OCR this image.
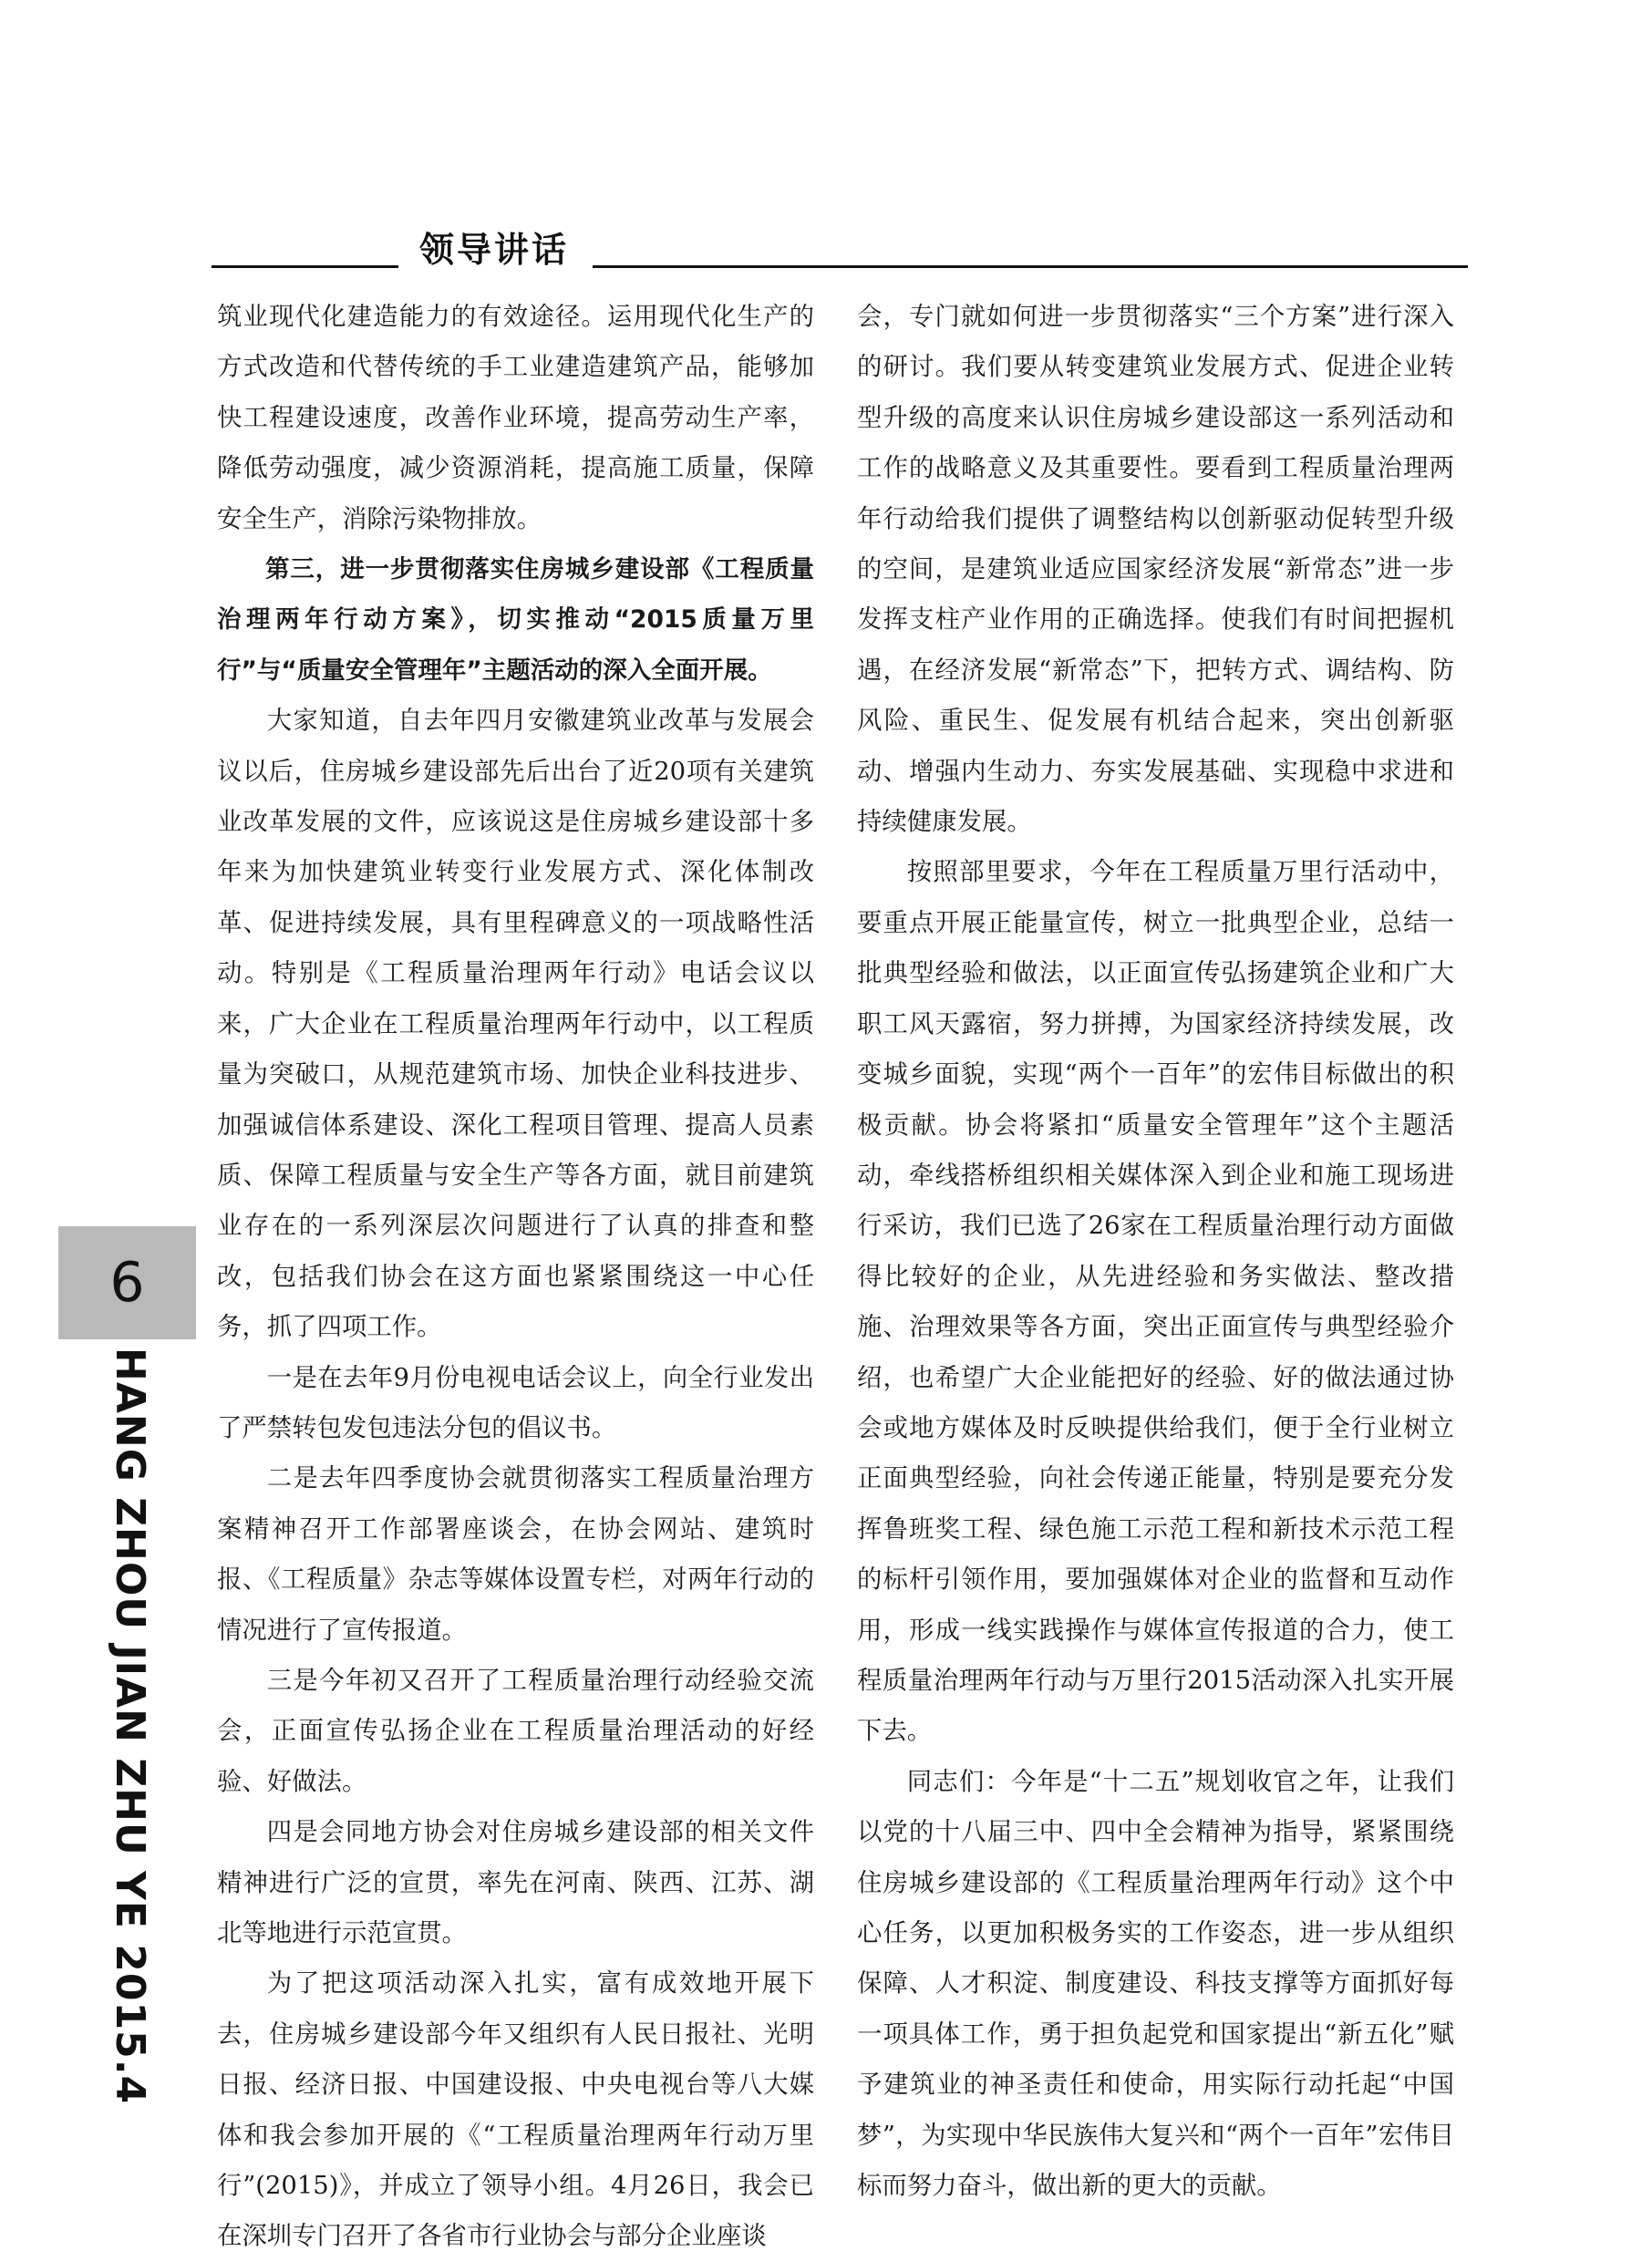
领导讲话
6
HANG ZHOU JIAN ZHU YE 2015.4

筑业现代化建造能力的有效途径。运用现代化生产的方式改造和代替传统的手工业建造建筑产品，能够加快工程建设速度，改善作业环境，提高劳动生产率，降低劳动强度，减少资源消耗，提高施工质量，保障安全生产，消除污染物排放。

第三，进一步贯彻落实住房城乡建设部《工程质量治理两年行动方案》，切实推动“2015质量万里行”与“质量安全管理年”主题活动的深入全面开展。

大家知道，自去年四月安徽建筑业改革与发展会议以后，住房城乡建设部先后出台了近20项有关建筑业改革发展的文件，应该说这是住房城乡建设部十多年来为加快建筑业转变行业发展方式、深化体制改革、促进持续发展，具有里程碑意义的一项战略性活动。特别是《工程质量治理两年行动》电话会议以来，广大企业在工程质量治理两年行动中，以工程质量为突破口，从规范建筑市场、加快企业科技进步、加强诚信体系建设、深化工程项目管理、提高人员素质、保障工程质量与安全生产等各方面，就目前建筑业存在的一系列深层次问题进行了认真的排查和整改，包括我们协会在这方面也紧紧围绕这一中心任务，抓了四项工作。

一是在去年9月份电视电话会议上，向全行业发出了严禁转包发包违法分包的倡议书。

二是去年四季度协会就贯彻落实工程质量治理方案精神召开工作部署座谈会，在协会网站、建筑时报、《工程质量》杂志等媒体设置专栏，对两年行动的情况进行了宣传报道。

三是今年初又召开了工程质量治理行动经验交流会，正面宣传弘扬企业在工程质量治理活动的好经验、好做法。

四是会同地方协会对住房城乡建设部的相关文件精神进行广泛的宣贯，率先在河南、陕西、江苏、湖北等地进行示范宣贯。

为了把这项活动深入扎实，富有成效地开展下去，住房城乡建设部今年又组织有人民日报社、光明日报、经济日报、中国建设报、中央电视台等八大媒体和我会参加开展的《“工程质量治理两年行动万里行”(2015)》，并成立了领导小组。4月26日，我会已在深圳专门召开了各省市行业协会与部分企业座谈

会，专门就如何进一步贯彻落实“三个方案”进行深入的研讨。我们要从转变建筑业发展方式、促进企业转型升级的高度来认识住房城乡建设部这一系列活动和工作的战略意义及其重要性。要看到工程质量治理两年行动给我们提供了调整结构以创新驱动促转型升级的空间，是建筑业适应国家经济发展“新常态”进一步发挥支柱产业作用的正确选择。使我们有时间把握机遇，在经济发展“新常态”下，把转方式、调结构、防风险、重民生、促发展有机结合起来，突出创新驱动、增强内生动力、夯实发展基础、实现稳中求进和持续健康发展。

按照部里要求，今年在工程质量万里行活动中，要重点开展正能量宣传，树立一批典型企业，总结一批典型经验和做法，以正面宣传弘扬建筑企业和广大职工风天露宿，努力拼搏，为国家经济持续发展，改变城乡面貌，实现“两个一百年”的宏伟目标做出的积极贡献。协会将紧扣“质量安全管理年”这个主题活动，牵线搭桥组织相关媒体深入到企业和施工现场进行采访，我们已选了26家在工程质量治理行动方面做得比较好的企业，从先进经验和务实做法、整改措施、治理效果等各方面，突出正面宣传与典型经验介绍，也希望广大企业能把好的经验、好的做法通过协会或地方媒体及时反映提供给我们，便于全行业树立正面典型经验，向社会传递正能量，特别是要充分发挥鲁班奖工程、绿色施工示范工程和新技术示范工程的标杆引领作用，要加强媒体对企业的监督和互动作用，形成一线实践操作与媒体宣传报道的合力，使工程质量治理两年行动与万里行2015活动深入扎实开展下去。

同志们：今年是“十二五”规划收官之年，让我们以党的十八届三中、四中全会精神为指导，紧紧围绕住房城乡建设部的《工程质量治理两年行动》这个中心任务，以更加积极务实的工作姿态，进一步从组织保障、人才积淀、制度建设、科技支撑等方面抓好每一项具体工作，勇于担负起党和国家提出“新五化”赋予建筑业的神圣责任和使命，用实际行动托起“中国梦”，为实现中华民族伟大复兴和“两个一百年”宏伟目标而努力奋斗，做出新的更大的贡献。
